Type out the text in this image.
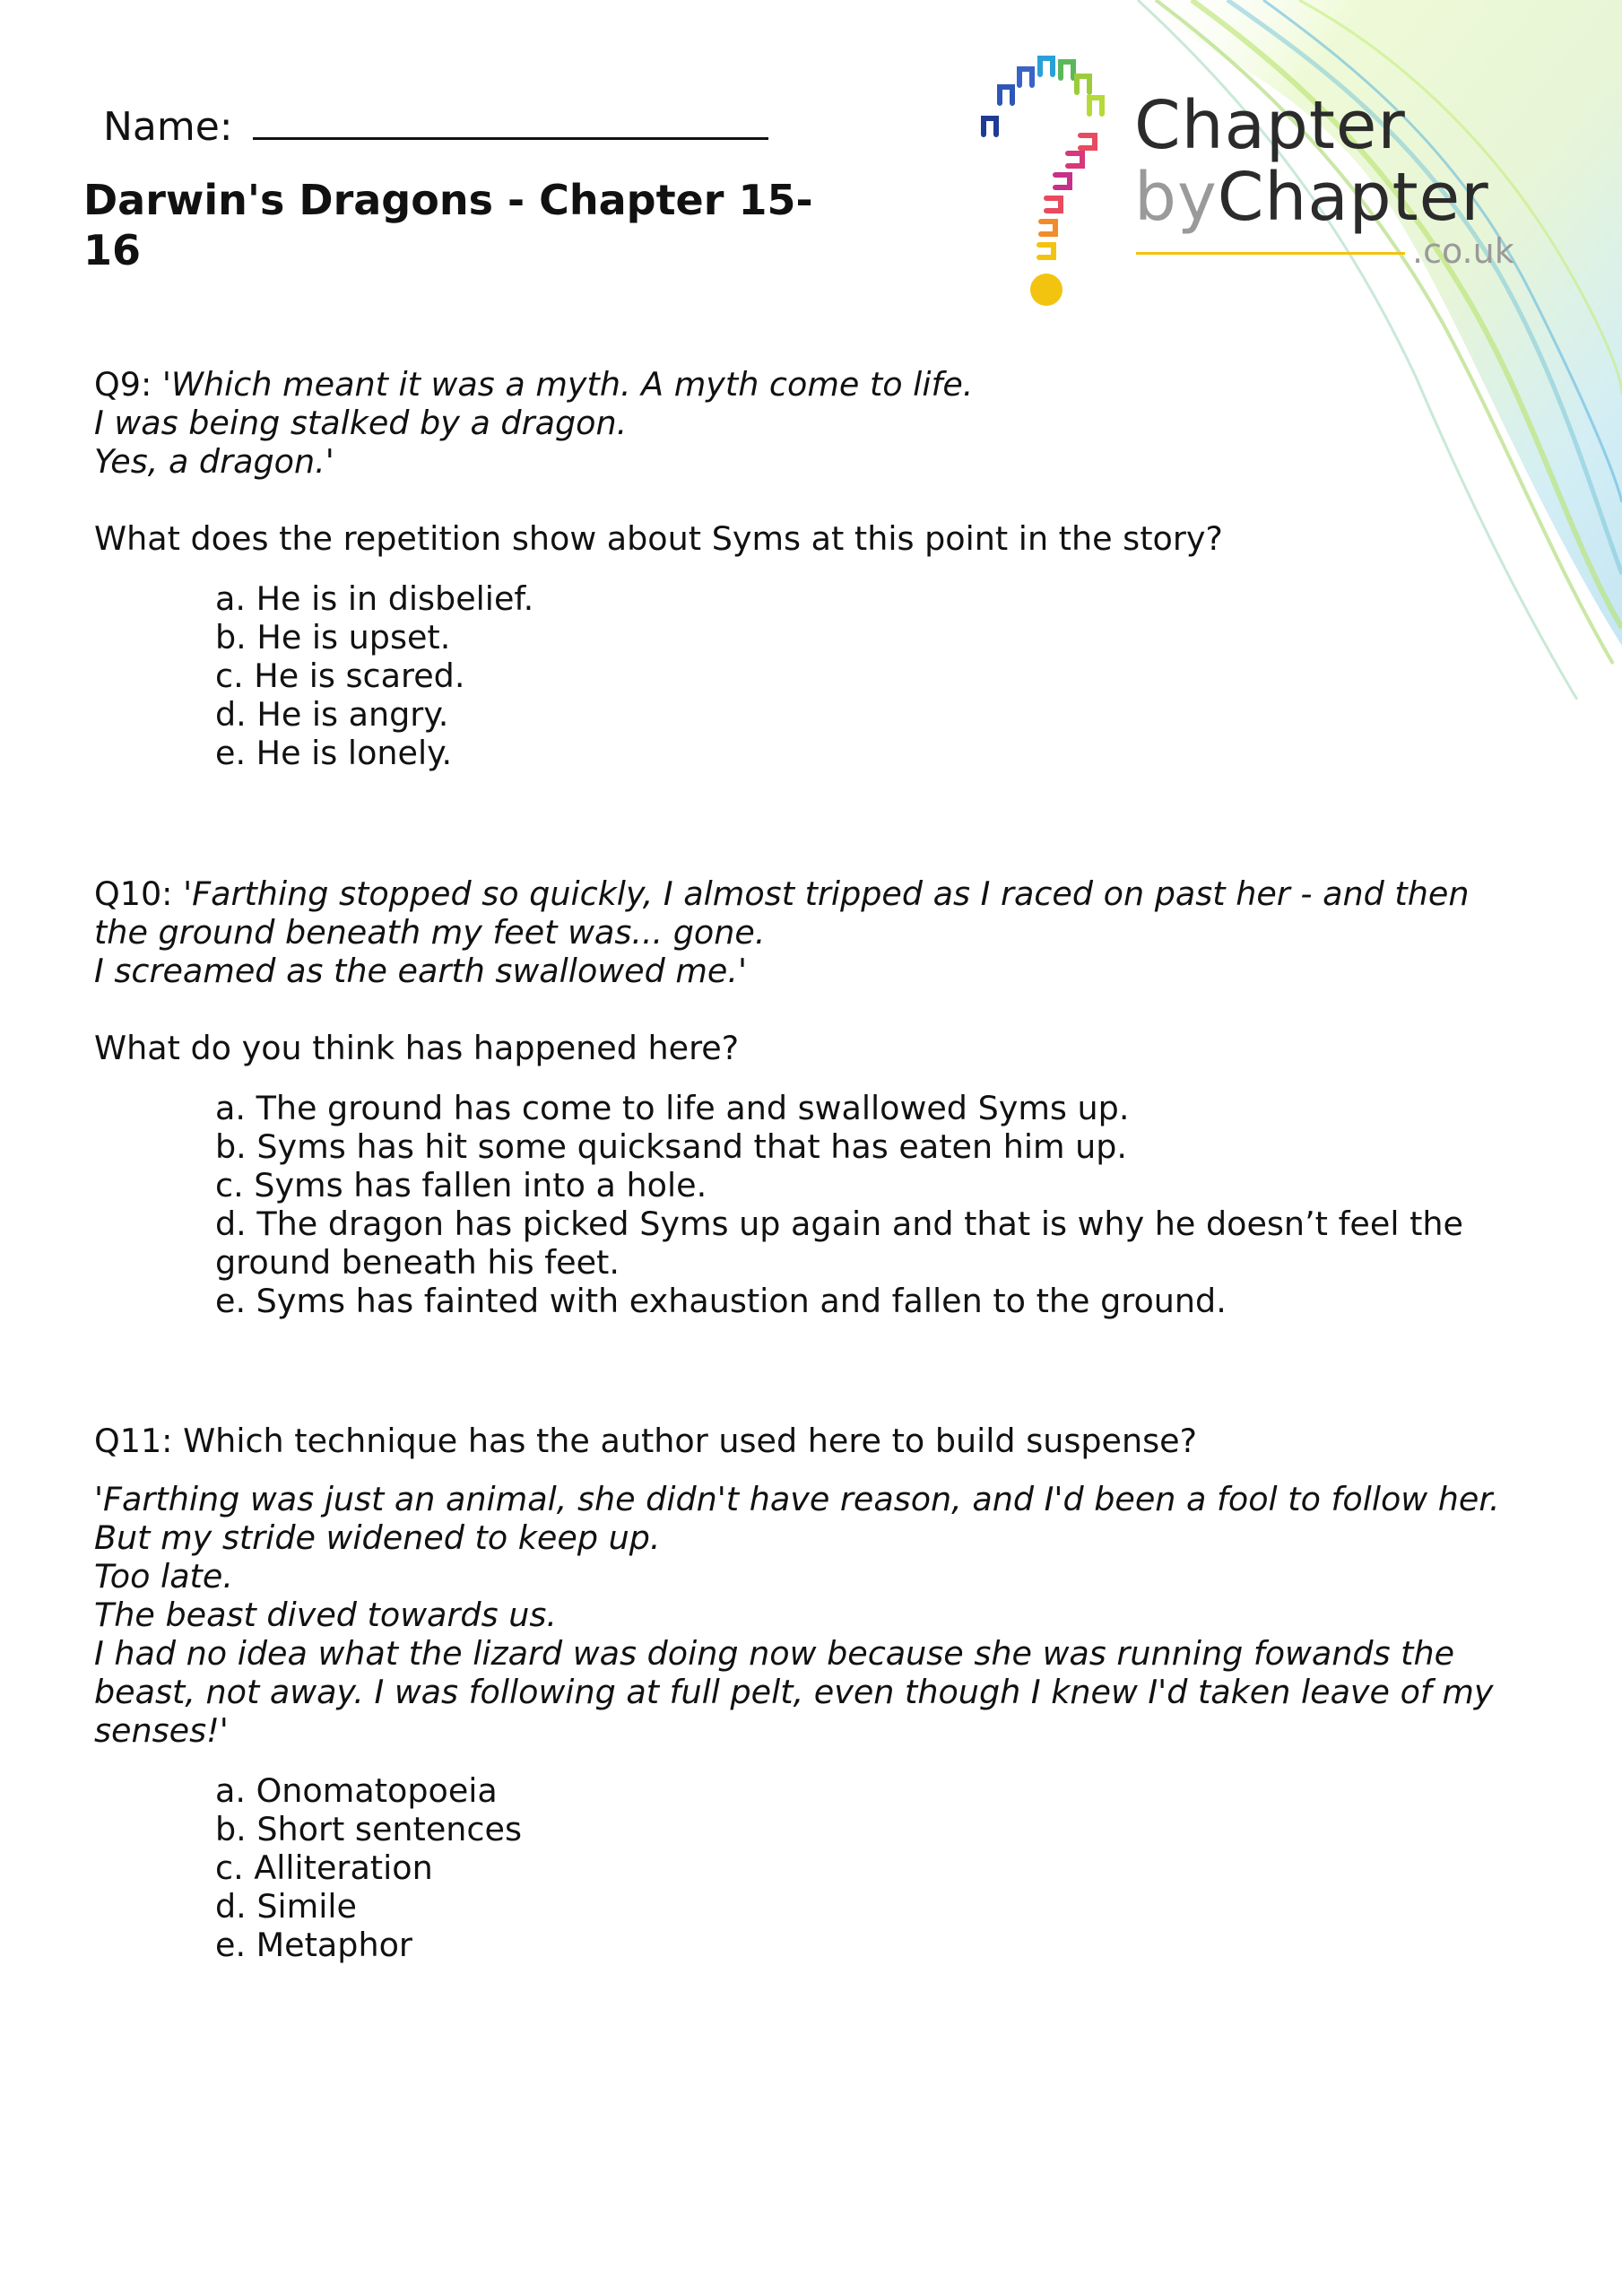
Chapter
byChapter
.co.uk
Name:
Darwin's Dragons - Chapter 15-16

Q9: 'Which meant it was a myth. A myth come to life.

I was being stalked by a dragon.

Yes, a dragon.'

What does the repetition show about Syms at this point in the story?

a. He is in disbelief.
b. He is upset.
c. He is scared.
d. He is angry.
e. He is lonely.

Q10: 'Farthing stopped so quickly, I almost tripped as I raced on past her - and then

the ground beneath my feet was... gone.

I screamed as the earth swallowed me.'

What do you think has happened here?

a. The ground has come to life and swallowed Syms up.
b. Syms has hit some quicksand that has eaten him up.
c. Syms has fallen into a hole.
d. The dragon has picked Syms up again and that is why he doesn’t feel the ground beneath his feet.
e. Syms has fainted with exhaustion and fallen to the ground.

Q11: Which technique has the author used here to build suspense?

'Farthing was just an animal, she didn't have reason, and I'd been a fool to follow her.

But my stride widened to keep up.

Too late.

The beast dived towards us.

I had no idea what the lizard was doing now because she was running fowands the

beast, not away. I was following at full pelt, even though I knew I'd taken leave of my

senses!'

a. Onomatopoeia
b. Short sentences
c. Alliteration
d. Simile
e. Metaphor
